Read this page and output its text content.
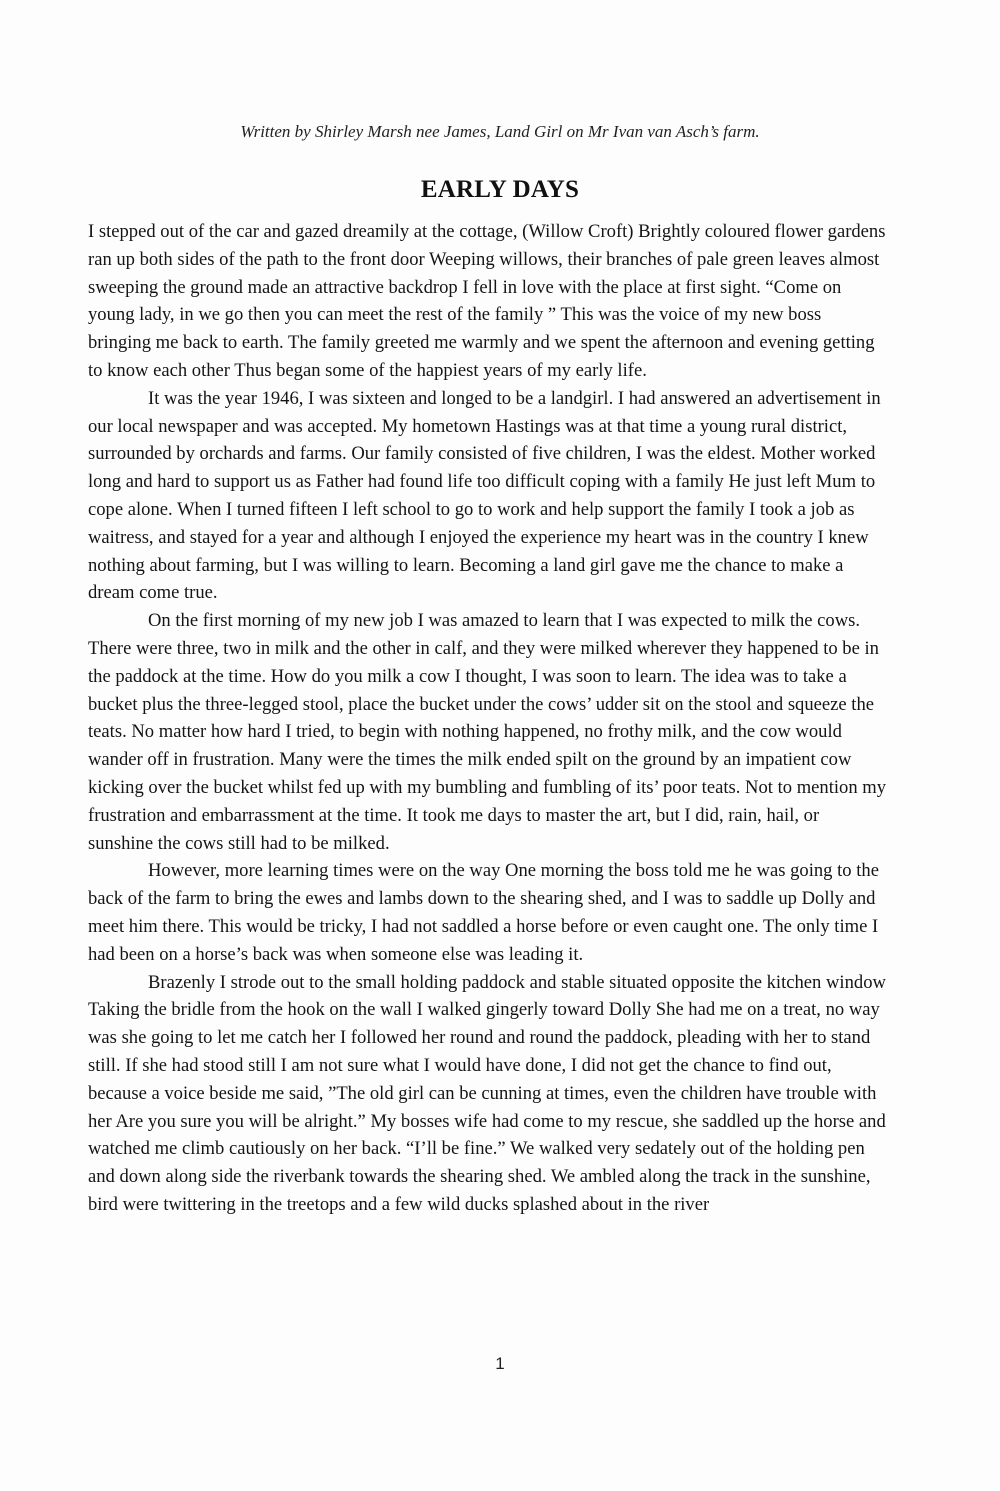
Written by Shirley Marsh nee James, Land Girl on Mr Ivan van Asch’s farm.
EARLY DAYS

I stepped out of the car and gazed dreamily at the cottage, (Willow Croft) Brightly coloured flower gardens ran up both sides of the path to the front door Weeping willows, their branches of pale green leaves almost sweeping the ground made an attractive backdrop I fell in love with the place at first sight. “Come on young lady, in we go then you can meet the rest of the family ” This was the voice of my new boss bringing me back to earth. The family greeted me warmly and we spent the afternoon and evening getting to know each other Thus began some of the happiest years of my early life.

It was the year 1946, I was sixteen and longed to be a landgirl. I had answered an advertisement in our local newspaper and was accepted. My hometown Hastings was at that time a young rural district, surrounded by orchards and farms. Our family consisted of five children, I was the eldest. Mother worked long and hard to support us as Father had found life too difficult coping with a family He just left Mum to cope alone. When I turned fifteen I left school to go to work and help support the family I took a job as waitress, and stayed for a year and although I enjoyed the experience my heart was in the country I knew nothing about farming, but I was willing to learn. Becoming a land girl gave me the chance to make a dream come true.

On the first morning of my new job I was amazed to learn that I was expected to milk the cows. There were three, two in milk and the other in calf, and they were milked wherever they happened to be in the paddock at the time. How do you milk a cow I thought, I was soon to learn. The idea was to take a bucket plus the three-legged stool, place the bucket under the cows’ udder sit on the stool and squeeze the teats. No matter how hard I tried, to begin with nothing happened, no frothy milk, and the cow would wander off in frustration. Many were the times the milk ended spilt on the ground by an impatient cow kicking over the bucket whilst fed up with my bumbling and fumbling of its’ poor teats. Not to mention my frustration and embarrassment at the time. It took me days to master the art, but I did, rain, hail, or sunshine the cows still had to be milked.

However, more learning times were on the way One morning the boss told me he was going to the back of the farm to bring the ewes and lambs down to the shearing shed, and I was to saddle up Dolly and meet him there. This would be tricky, I had not saddled a horse before or even caught one. The only time I had been on a horse’s back was when someone else was leading it.

Brazenly I strode out to the small holding paddock and stable situated opposite the kitchen window Taking the bridle from the hook on the wall I walked gingerly toward Dolly She had me on a treat, no way was she going to let me catch her I followed her round and round the paddock, pleading with her to stand still. If she had stood still I am not sure what I would have done, I did not get the chance to find out, because a voice beside me said, ”The old girl can be cunning at times, even the children have trouble with her Are you sure you will be alright.” My bosses wife had come to my rescue, she saddled up the horse and watched me climb cautiously on her back. “I’ll be fine.” We walked very sedately out of the holding pen and down along side the riverbank towards the shearing shed. We ambled along the track in the sunshine, bird were twittering in the treetops and a few wild ducks splashed about in the river

1
